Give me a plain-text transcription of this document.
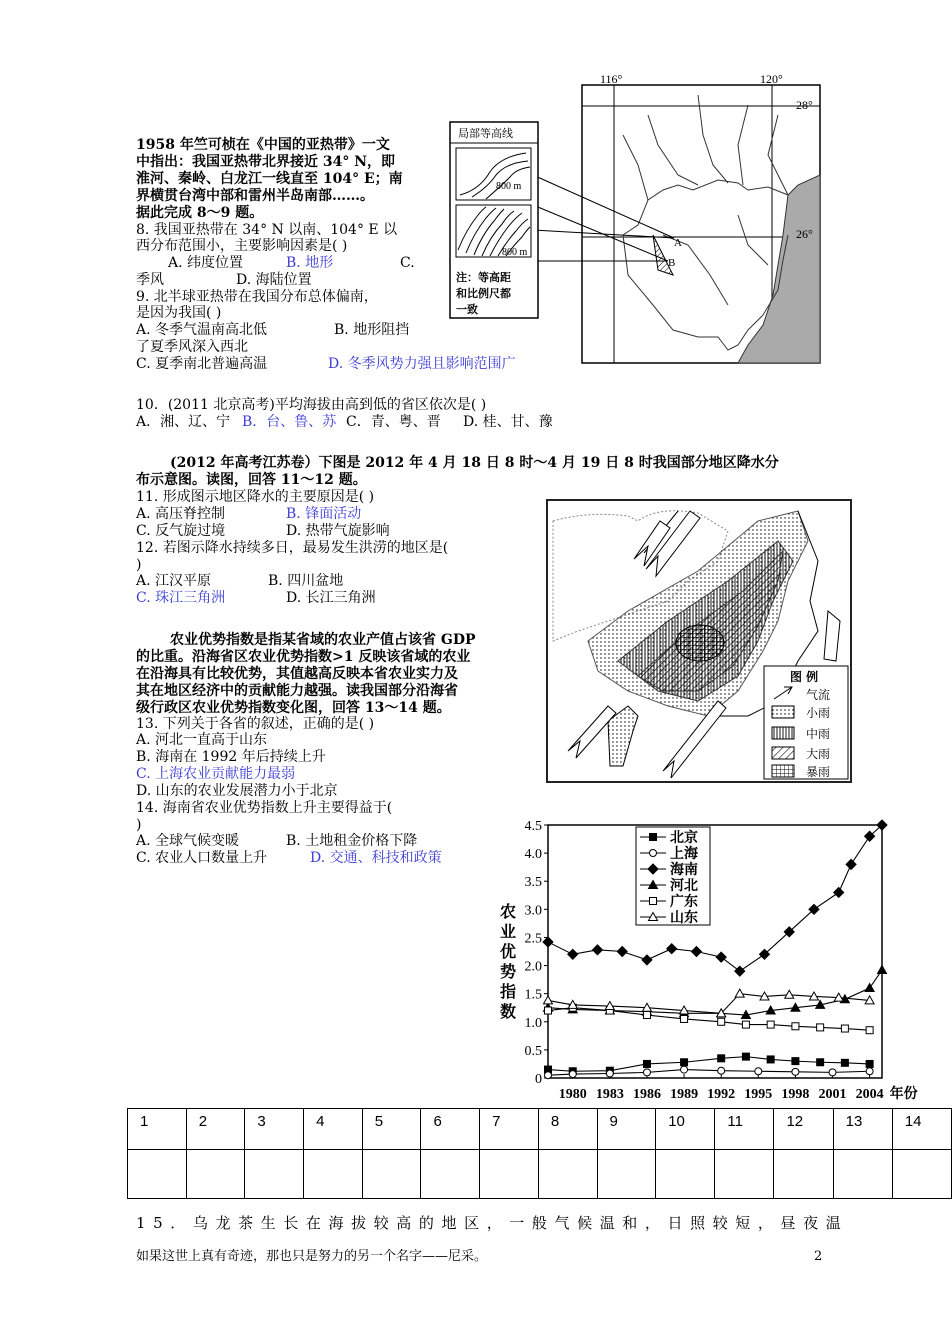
116°	120°
28°
26°
局部等高线
800 m
800 m
A
B
注：等高距
和比例尺都
一致
1958 年竺可桢在《中国的亚热带》一文
中指出：我国亚热带北界接近 34° N，即
淮河、秦岭、白龙江一线直至 104° E；南
界横贯台湾中部和雷州半岛南部……。
据此完成 8～9 题。
8. 我国亚热带在 34° N 以南、104° E 以
西分布范围小，主要影响因素是( )
A. 纬度位置	B. 地形	C.
季风	D. 海陆位置
9. 北半球亚热带在我国分布总体偏南，
是因为我国( )
A. 冬季气温南高北低	B. 地形阻挡
了夏季风深入西北
C. 夏季南北普遍高温	D. 冬季风势力强且影响范围广
10．(2011 北京高考)平均海拔由高到低的省区依次是( )
A．湘、辽、宁 B．台、鲁、苏 C．青、粤、晋 D. 桂、甘、豫
(2012 年高考江苏卷）下图是 2012 年 4 月 18 日 8 时～4 月 19 日 8 时我国部分地区降水分
布示意图。读图，回答 11～12 题。
11. 形成图示地区降水的主要原因是( )
A. 高压脊控制	B. 锋面活动
C. 反气旋过境	D. 热带气旋影响
12. 若图示降水持续多日，最易发生洪涝的地区是(
)
A. 江汉平原	B. 四川盆地
C. 珠江三角洲	D. 长江三角洲
图 例
气流
小雨
中雨
大雨
暴雨
农业优势指数是指某省域的农业产值占该省 GDP
的比重。沿海省区农业优势指数>1 反映该省域的农业
在沿海具有比较优势，其值越高反映本省农业实力及
其在地区经济中的贡献能力越强。读我国部分沿海省
级行政区农业优势指数变化图，回答 13～14 题。
13. 下列关于各省的叙述，正确的是( )
A. 河北一直高于山东
B. 海南在 1992 年后持续上升
C. 上海农业贡献能力最弱
D. 山东的农业发展潜力小于北京
14. 海南省农业优势指数上升主要得益于(
)
A. 全球气候变暖	B. 土地租金价格下降
C. 农业人口数量上升	D. 交通、科技和政策
0
0.5
1.0
1.5
2.0
2.5
3.0
3.5
4.0
4.5
1980 1983 1986 1989 1992 1995 1998 2001 2004 年份
农
业
优
势
指
数
北京
上海
海南
河北
广东
山东
1	2	3	4	5	6	7	8	9	10	11	12	13	14

15．乌龙茶生长在海拔较高的地区，一般气候温和，日照较短，昼夜温
如果这世上真有奇迹，那也只是努力的另一个名字——尼采。	2
